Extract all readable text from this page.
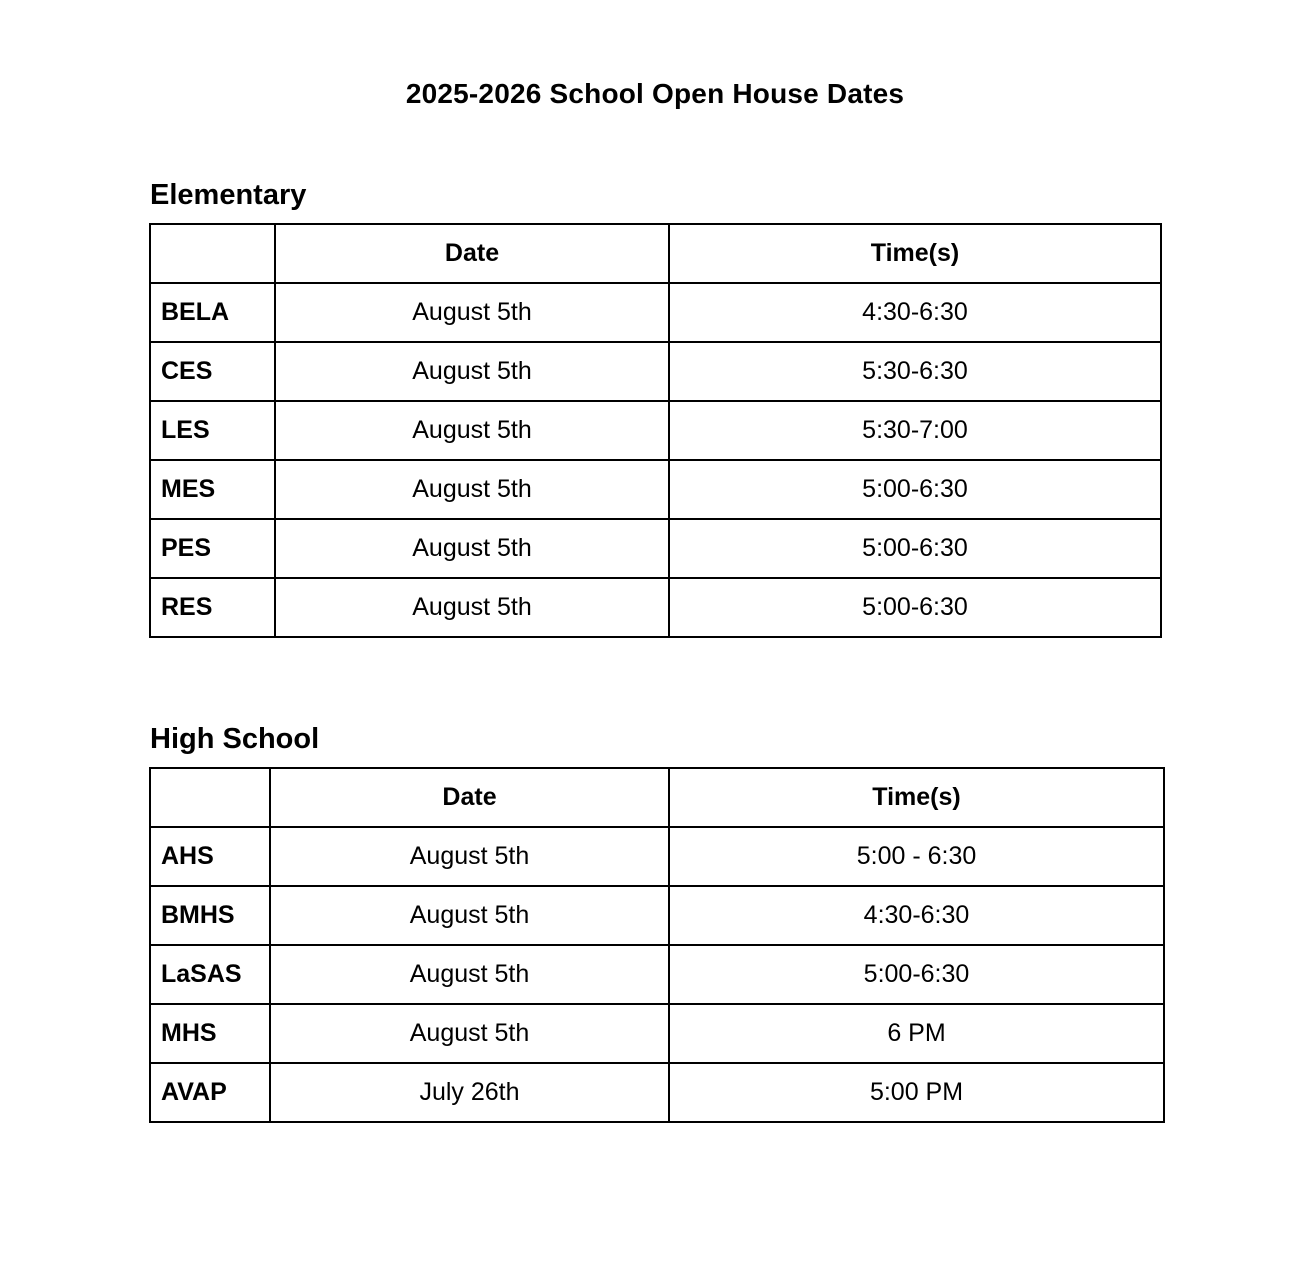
2025-2026 School Open House Dates
Elementary
	Date	Time(s)
BELA	August 5th	4:30-6:30
CES	August 5th	5:30-6:30
LES	August 5th	5:30-7:00
MES	August 5th	5:00-6:30
PES	August 5th	5:00-6:30
RES	August 5th	5:00-6:30
High School
	Date	Time(s)
AHS	August 5th	5:00 - 6:30
BMHS	August 5th	4:30-6:30
LaSAS	August 5th	5:00-6:30
MHS	August 5th	6 PM
AVAP	July 26th	5:00 PM
